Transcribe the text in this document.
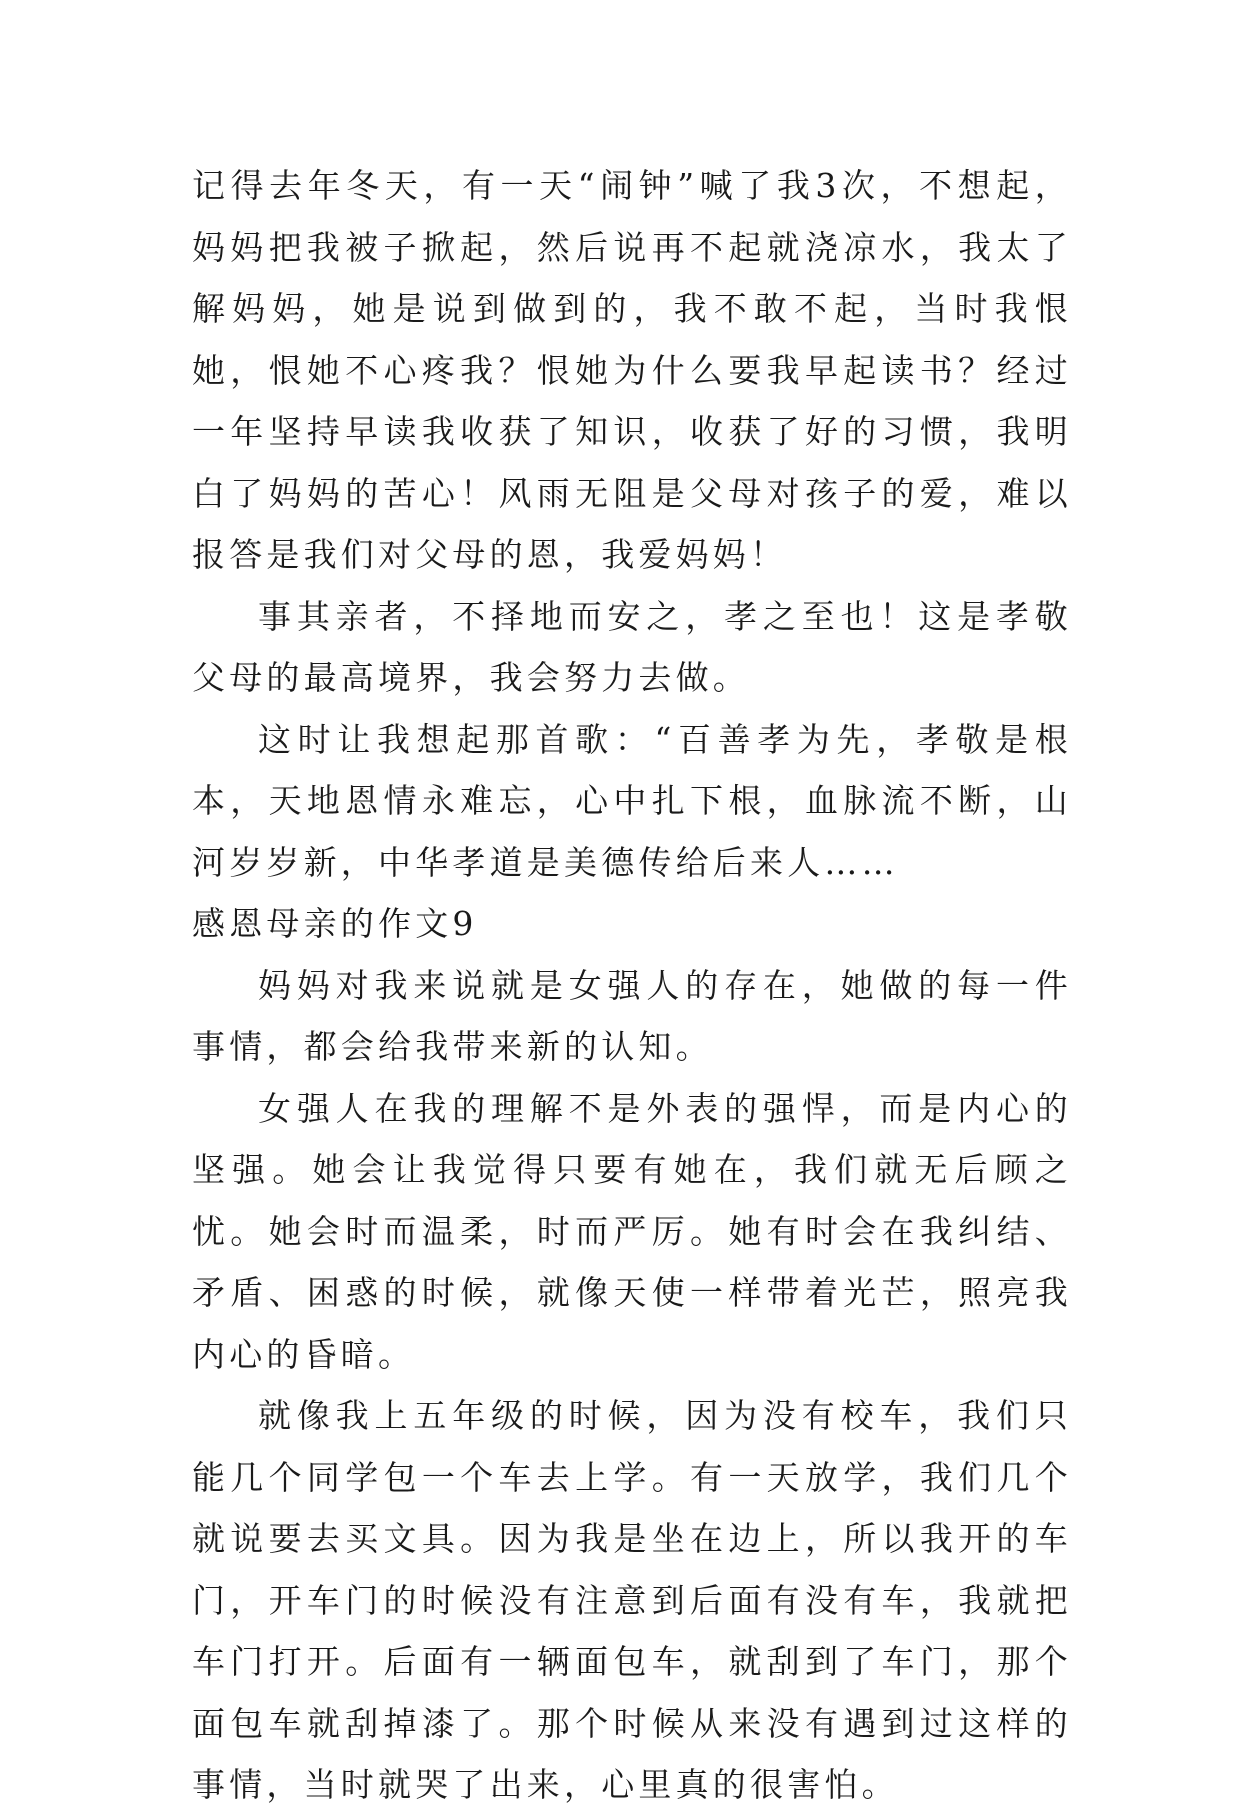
记得去年冬天，有一天“闹钟”喊了我3次，不想起，妈妈把我被子掀起，然后说再不起就浇凉水，我太了解妈妈，她是说到做到的，我不敢不起，当时我恨她，恨她不心疼我？恨她为什么要我早起读书？经过一年坚持早读我收获了知识，收获了好的习惯，我明白了妈妈的苦心！风雨无阻是父母对孩子的爱，难以报答是我们对父母的恩，我爱妈妈！

事其亲者，不择地而安之，孝之至也！这是孝敬父母的最高境界，我会努力去做。

这时让我想起那首歌：“百善孝为先，孝敬是根本，天地恩情永难忘，心中扎下根，血脉流不断，山河岁岁新，中华孝道是美德传给后来人……

感恩母亲的作文9

妈妈对我来说就是女强人的存在，她做的每一件事情，都会给我带来新的认知。

女强人在我的理解不是外表的强悍，而是内心的坚强。她会让我觉得只要有她在，我们就无后顾之忧。她会时而温柔，时而严厉。她有时会在我纠结、矛盾、困惑的时候，就像天使一样带着光芒，照亮我内心的昏暗。

就像我上五年级的时候，因为没有校车，我们只能几个同学包一个车去上学。有一天放学，我们几个就说要去买文具。因为我是坐在边上，所以我开的车门，开车门的时候没有注意到后面有没有车，我就把车门打开。后面有一辆面包车，就刮到了车门，那个面包车就刮掉漆了。那个时候从来没有遇到过这样的事情，当时就哭了出来，心里真的很害怕。
